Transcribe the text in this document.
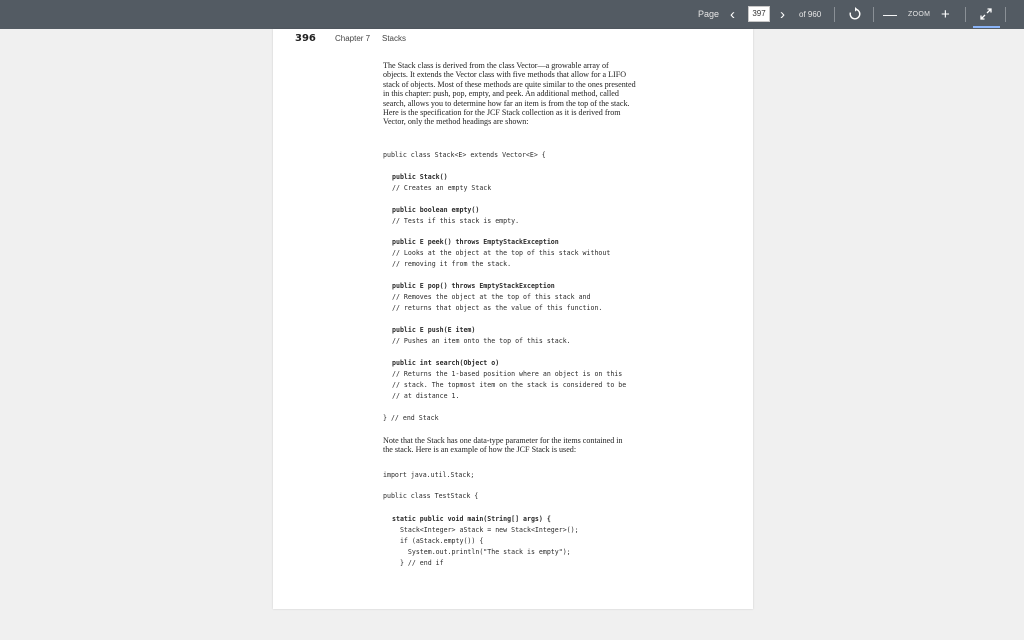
Page ‹
397	› of 960	— ZOOM +
396 Chapter 7 Stacks

The Stack class is derived from the class Vector—a growable array of

objects. It extends the Vector class with five methods that allow for a LIFO

stack of objects. Most of these methods are quite similar to the ones presented

in this chapter: push, pop, empty, and peek. An additional method, called

search, allows you to determine how far an item is from the top of the stack.

Here is the specification for the JCF Stack collection as it is derived from

Vector, only the method headings are shown:

public class Stack<E> extends Vector<E> {
public Stack()
// Creates an empty Stack
public boolean empty()
// Tests if this stack is empty.
public E peek() throws EmptyStackException
// Looks at the object at the top of this stack without
// removing it from the stack.
public E pop() throws EmptyStackException
// Removes the object at the top of this stack and
// returns that object as the value of this function.
public E push(E item)
// Pushes an item onto the top of this stack.
public int search(Object o)
// Returns the 1-based position where an object is on this
// stack. The topmost item on the stack is considered to be
// at distance 1.
} // end Stack

Note that the Stack has one data-type parameter for the items contained in

the stack. Here is an example of how the JCF Stack is used:

import java.util.Stack;
public class TestStack {
static public void main(String[] args) {
Stack<Integer> aStack = new Stack<Integer>();
if (aStack.empty()) {
System.out.println("The stack is empty");
} // end if
